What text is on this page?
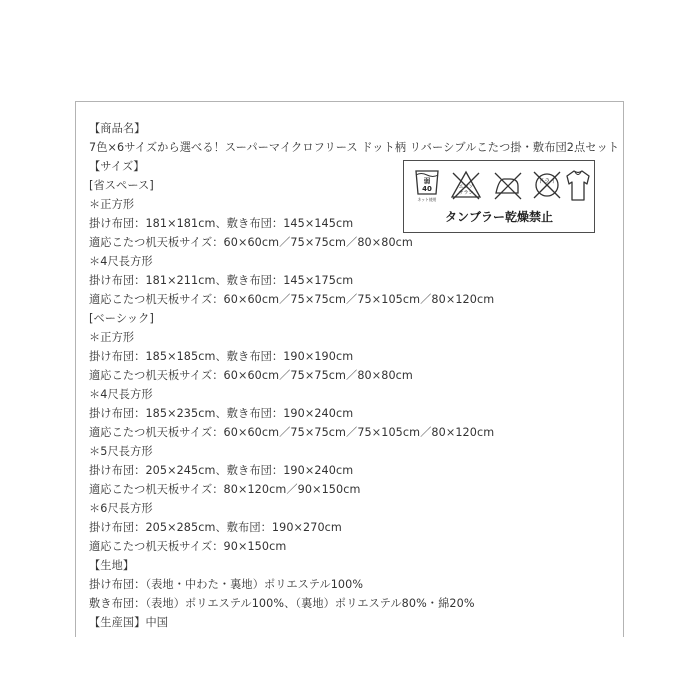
【商品名】
7色×6サイズから選べる！スーパーマイクロフリース ドット柄 リバーシブルこたつ掛・敷布団2点セット
【サイズ】
[省スペース]
＊正方形
掛け布団：181×181cm、敷き布団：145×145cm
適応こたつ机天板サイズ：60×60cm／75×75cm／80×80cm
＊4尺長方形
掛け布団：181×211cm、敷き布団：145×175cm
適応こたつ机天板サイズ：60×60cm／75×75cm／75×105cm／80×120cm
[ベーシック]
＊正方形
掛け布団：185×185cm、敷き布団：190×190cm
適応こたつ机天板サイズ：60×60cm／75×75cm／80×80cm
＊4尺長方形
掛け布団：185×235cm、敷き布団：190×240cm
適応こたつ机天板サイズ：60×60cm／75×75cm／75×105cm／80×120cm
＊5尺長方形
掛け布団：205×245cm、敷き布団：190×240cm
適応こたつ机天板サイズ：80×120cm／90×150cm
＊6尺長方形
掛け布団：205×285cm、敷布団：190×270cm
適応こたつ机天板サイズ：90×150cm
【生地】
掛け布団：（表地・中わた・裏地）ポリエステル100%
敷き布団：（表地）ポリエステル100%、（裏地）ポリエステル80%・綿20%
【生産国】中国
弱
40
ネット使用
エンソ
サラシ
ドライ
タンブラー乾燥禁止
